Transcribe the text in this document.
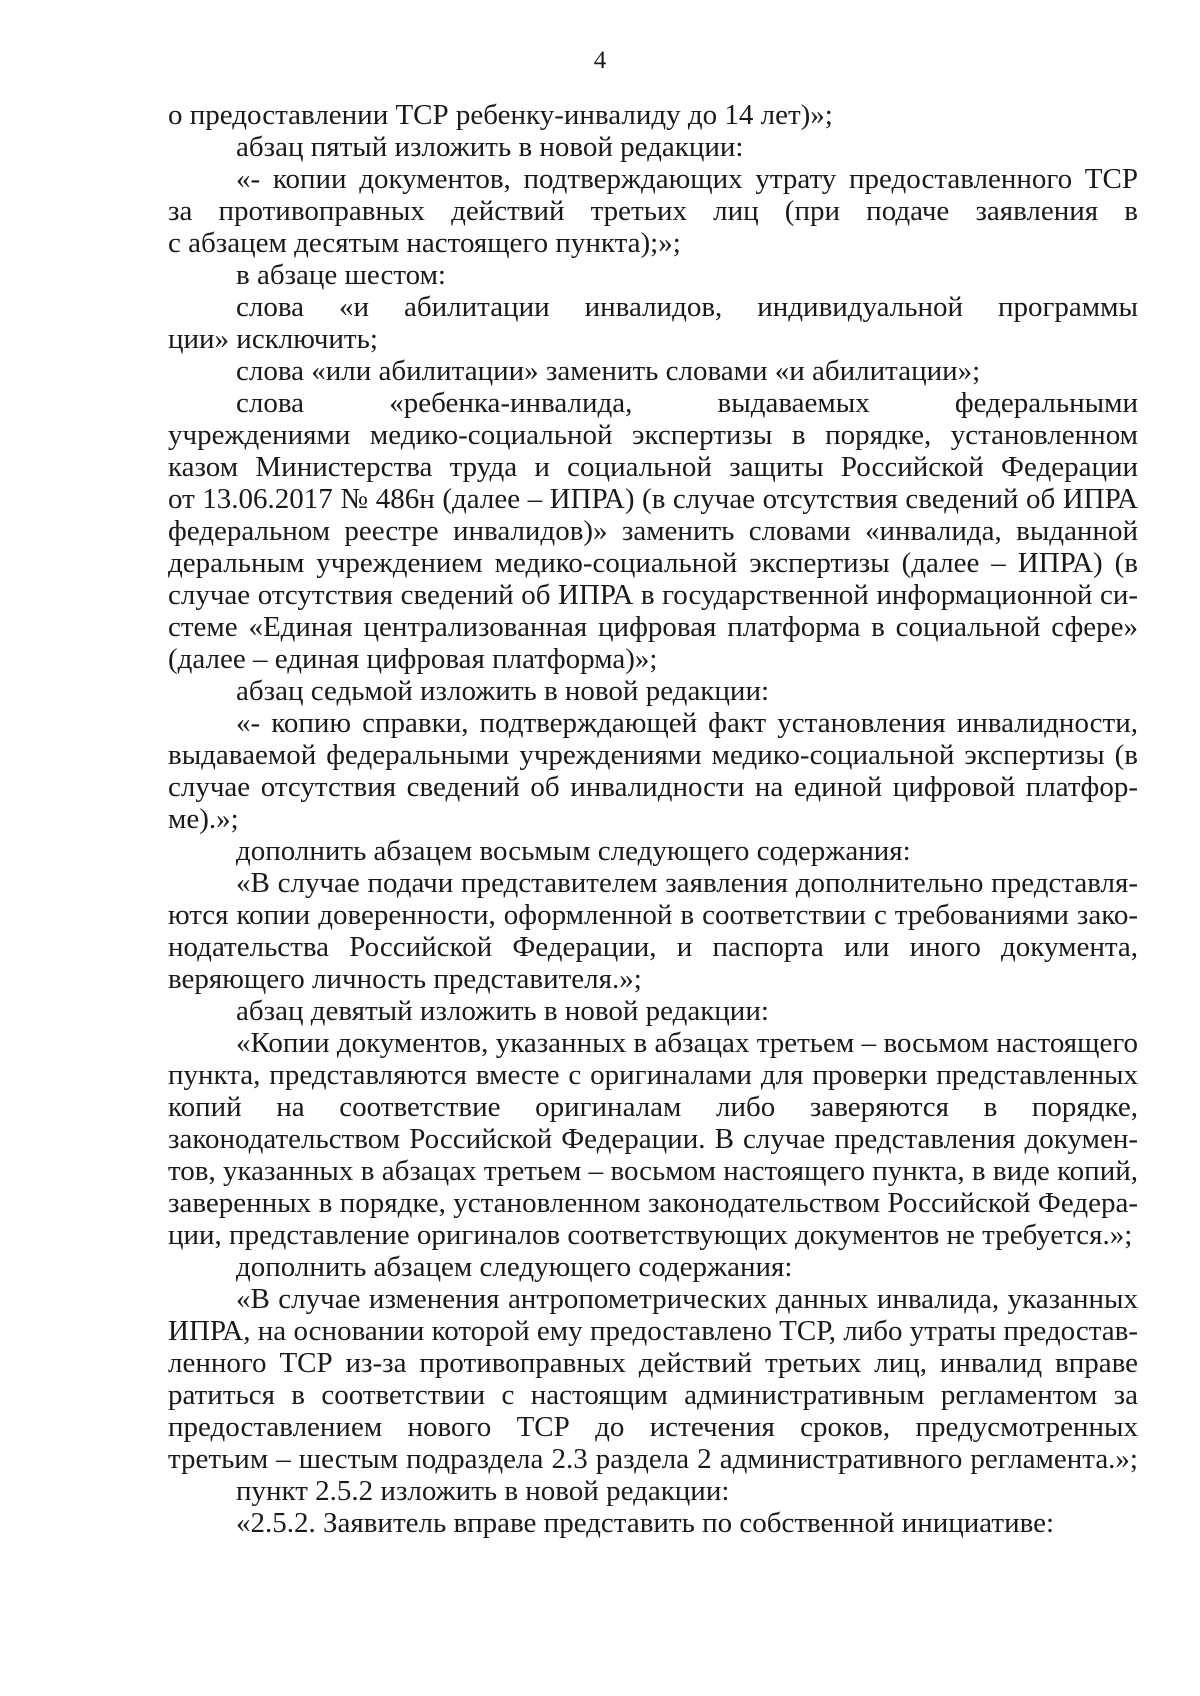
4
о предоставлении ТСР ребенку-инвалиду до 14 лет)»;
абзац пятый изложить в новой редакции:
«- копии документов, подтверждающих утрату предоставленного ТСР
за противоправных действий третьих лиц (при подаче заявления в
с абзацем десятым настоящего пункта);»;
в абзаце шестом:
слова «и абилитации инвалидов, индивидуальной программы
ции» исключить;
слова «или абилитации» заменить словами «и абилитации»;
слова «ребенка-инвалида, выдаваемых федеральными
учреждениями медико-социальной экспертизы в порядке, установленном
казом Министерства труда и социальной защиты Российской Федерации
от 13.06.2017 № 486н (далее – ИПРА) (в случае отсутствия сведений об ИПРА
федеральном реестре инвалидов)» заменить словами «инвалида, выданной
деральным учреждением медико-социальной экспертизы (далее – ИПРА) (в
случае отсутствия сведений об ИПРА в государственной информационной си-
стеме «Единая централизованная цифровая платформа в социальной сфере»
(далее – единая цифровая платформа)»;
абзац седьмой изложить в новой редакции:
«- копию справки, подтверждающей факт установления инвалидности,
выдаваемой федеральными учреждениями медико-социальной экспертизы (в
случае отсутствия сведений об инвалидности на единой цифровой платфор-
ме).»;
дополнить абзацем восьмым следующего содержания:
«В случае подачи представителем заявления дополнительно представля-
ются копии доверенности, оформленной в соответствии с требованиями зако-
нодательства Российской Федерации, и паспорта или иного документа,
веряющего личность представителя.»;
абзац девятый изложить в новой редакции:
«Копии документов, указанных в абзацах третьем – восьмом настоящего
пункта, представляются вместе с оригиналами для проверки представленных
копий на соответствие оригиналам либо заверяются в порядке,
законодательством Российской Федерации. В случае представления докумен-
тов, указанных в абзацах третьем – восьмом настоящего пункта, в виде копий,
заверенных в порядке, установленном законодательством Российской Федера-
ции, представление оригиналов соответствующих документов не требуется.»;
дополнить абзацем следующего содержания:
«В случае изменения антропометрических данных инвалида, указанных
ИПРА, на основании которой ему предоставлено ТСР, либо утраты предостав-
ленного ТСР из-за противоправных действий третьих лиц, инвалид вправе
ратиться в соответствии с настоящим административным регламентом за
предоставлением нового ТСР до истечения сроков, предусмотренных
третьим – шестым подраздела 2.3 раздела 2 административного регламента.»;
пункт 2.5.2 изложить в новой редакции:
«2.5.2. Заявитель вправе представить по собственной инициативе:
